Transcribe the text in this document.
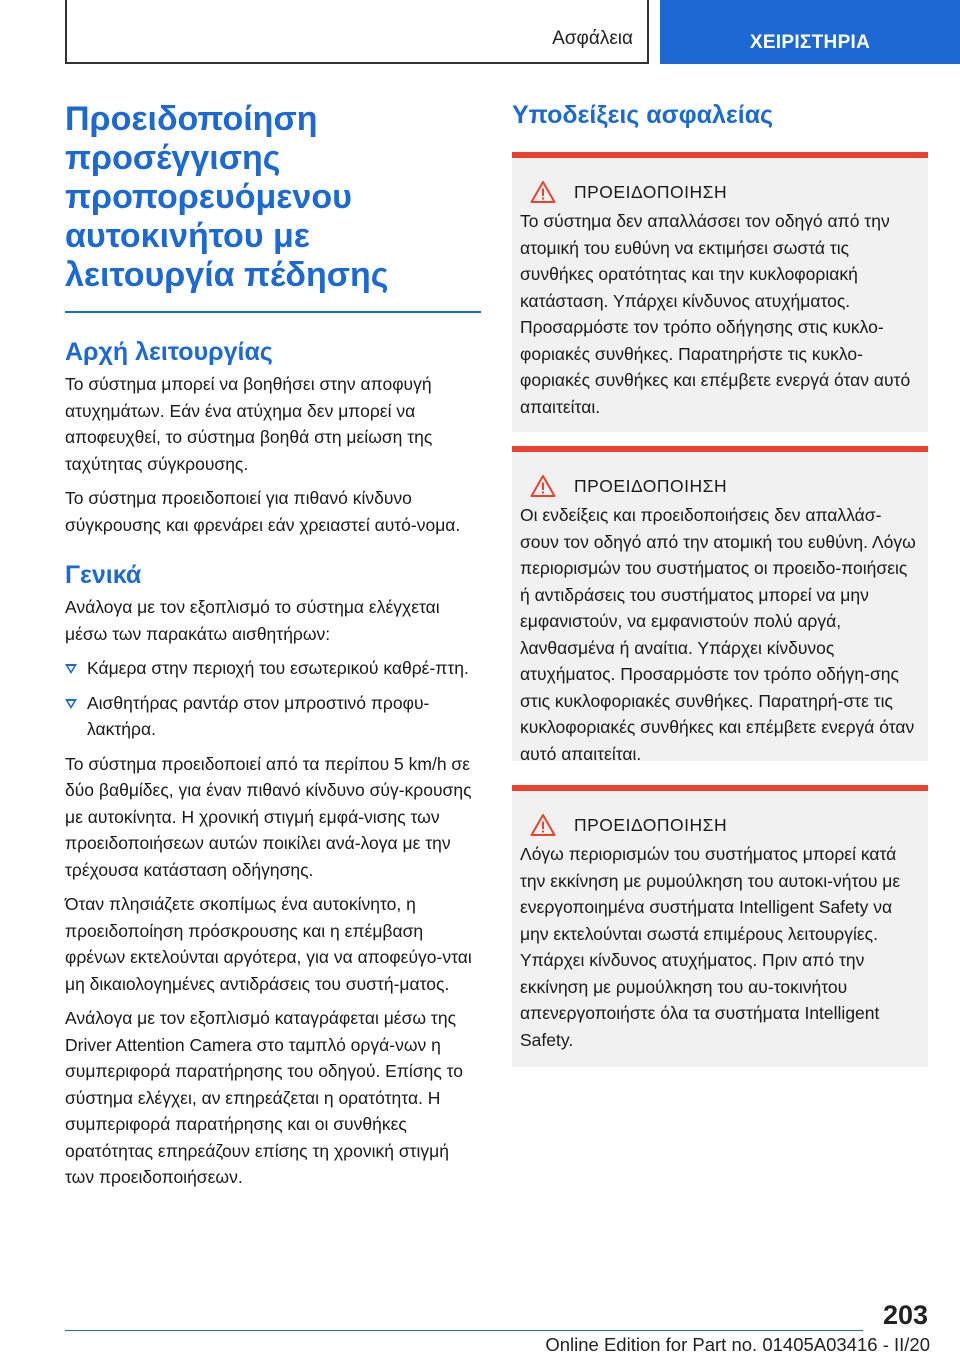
Ασφάλεια	ΧΕΙΡΙΣΤΗΡΙΑ
Προειδοποίηση προσέγγισης προπορευόμενου αυτοκινήτου με λειτουργία πέδησης
Αρχή λειτουργίας

Το σύστημα μπορεί να βοηθήσει στην αποφυγή ατυχημάτων. Εάν ένα ατύχημα δεν μπορεί να αποφευχθεί, το σύστημα βοηθά στη μείωση της ταχύτητας σύγκρουσης.

Το σύστημα προειδοποιεί για πιθανό κίνδυνο σύγκρουσης και φρενάρει εάν χρειαστεί αυτό-νομα.

Γενικά

Ανάλογα με τον εξοπλισμό το σύστημα ελέγχεται μέσω των παρακάτω αισθητήρων:

Κάμερα στην περιοχή του εσωτερικού καθρέ-πτη.
Αισθητήρας ραντάρ στον μπροστινό προφυ-λακτήρα.

Το σύστημα προειδοποιεί από τα περίπου 5 km/h σε δύο βαθμίδες, για έναν πιθανό κίνδυνο σύγ-κρουσης με αυτοκίνητα. Η χρονική στιγμή εμφά-νισης των προειδοποιήσεων αυτών ποικίλει ανά-λογα με την τρέχουσα κατάσταση οδήγησης.

Όταν πλησιάζετε σκοπίμως ένα αυτοκίνητο, η προειδοποίηση πρόσκρουσης και η επέμβαση φρένων εκτελούνται αργότερα, για να αποφεύγο-νται μη δικαιολογημένες αντιδράσεις του συστή-ματος.

Ανάλογα με τον εξοπλισμό καταγράφεται μέσω της Driver Attention Camera στο ταμπλό οργά-νων η συμπεριφορά παρατήρησης του οδηγού. Επίσης το σύστημα ελέγχει, αν επηρεάζεται η ορατότητα. Η συμπεριφορά παρατήρησης και οι συνθήκες ορατότητας επηρεάζουν επίσης τη χρονική στιγμή των προειδοποιήσεων.

Υποδείξεις ασφαλείας
ΠΡΟΕΙΔΟΠΟΙΗΣΗ

Το σύστημα δεν απαλλάσσει τον οδηγό από την ατομική του ευθύνη να εκτιμήσει σωστά τις συνθήκες ορατότητας και την κυκλοφοριακή κατάσταση. Υπάρχει κίνδυνος ατυχήματος. Προσαρμόστε τον τρόπο οδήγησης στις κυκλο-φοριακές συνθήκες. Παρατηρήστε τις κυκλο-φοριακές συνθήκες και επέμβετε ενεργά όταν αυτό απαιτείται.

ΠΡΟΕΙΔΟΠΟΙΗΣΗ

Οι ενδείξεις και προειδοποιήσεις δεν απαλλάσ-σουν τον οδηγό από την ατομική του ευθύνη. Λόγω περιορισμών του συστήματος οι προειδο-ποιήσεις ή αντιδράσεις του συστήματος μπορεί να μην εμφανιστούν, να εμφανιστούν πολύ αργά, λανθασμένα ή αναίτια. Υπάρχει κίνδυνος ατυχήματος. Προσαρμόστε τον τρόπο οδήγη-σης στις κυκλοφοριακές συνθήκες. Παρατηρή-στε τις κυκλοφοριακές συνθήκες και επέμβετε ενεργά όταν αυτό απαιτείται.

ΠΡΟΕΙΔΟΠΟΙΗΣΗ

Λόγω περιορισμών του συστήματος μπορεί κατά την εκκίνηση με ρυμούλκηση του αυτοκι-νήτου με ενεργοποιημένα συστήματα Intelligent Safety να μην εκτελούνται σωστά επιμέρους λειτουργίες. Υπάρχει κίνδυνος ατυχήματος. Πριν από την εκκίνηση με ρυμούλκηση του αυ-τοκινήτου απενεργοποιήστε όλα τα συστήματα Intelligent Safety.

203
Online Edition for Part no. 01405A03416 - II/20
